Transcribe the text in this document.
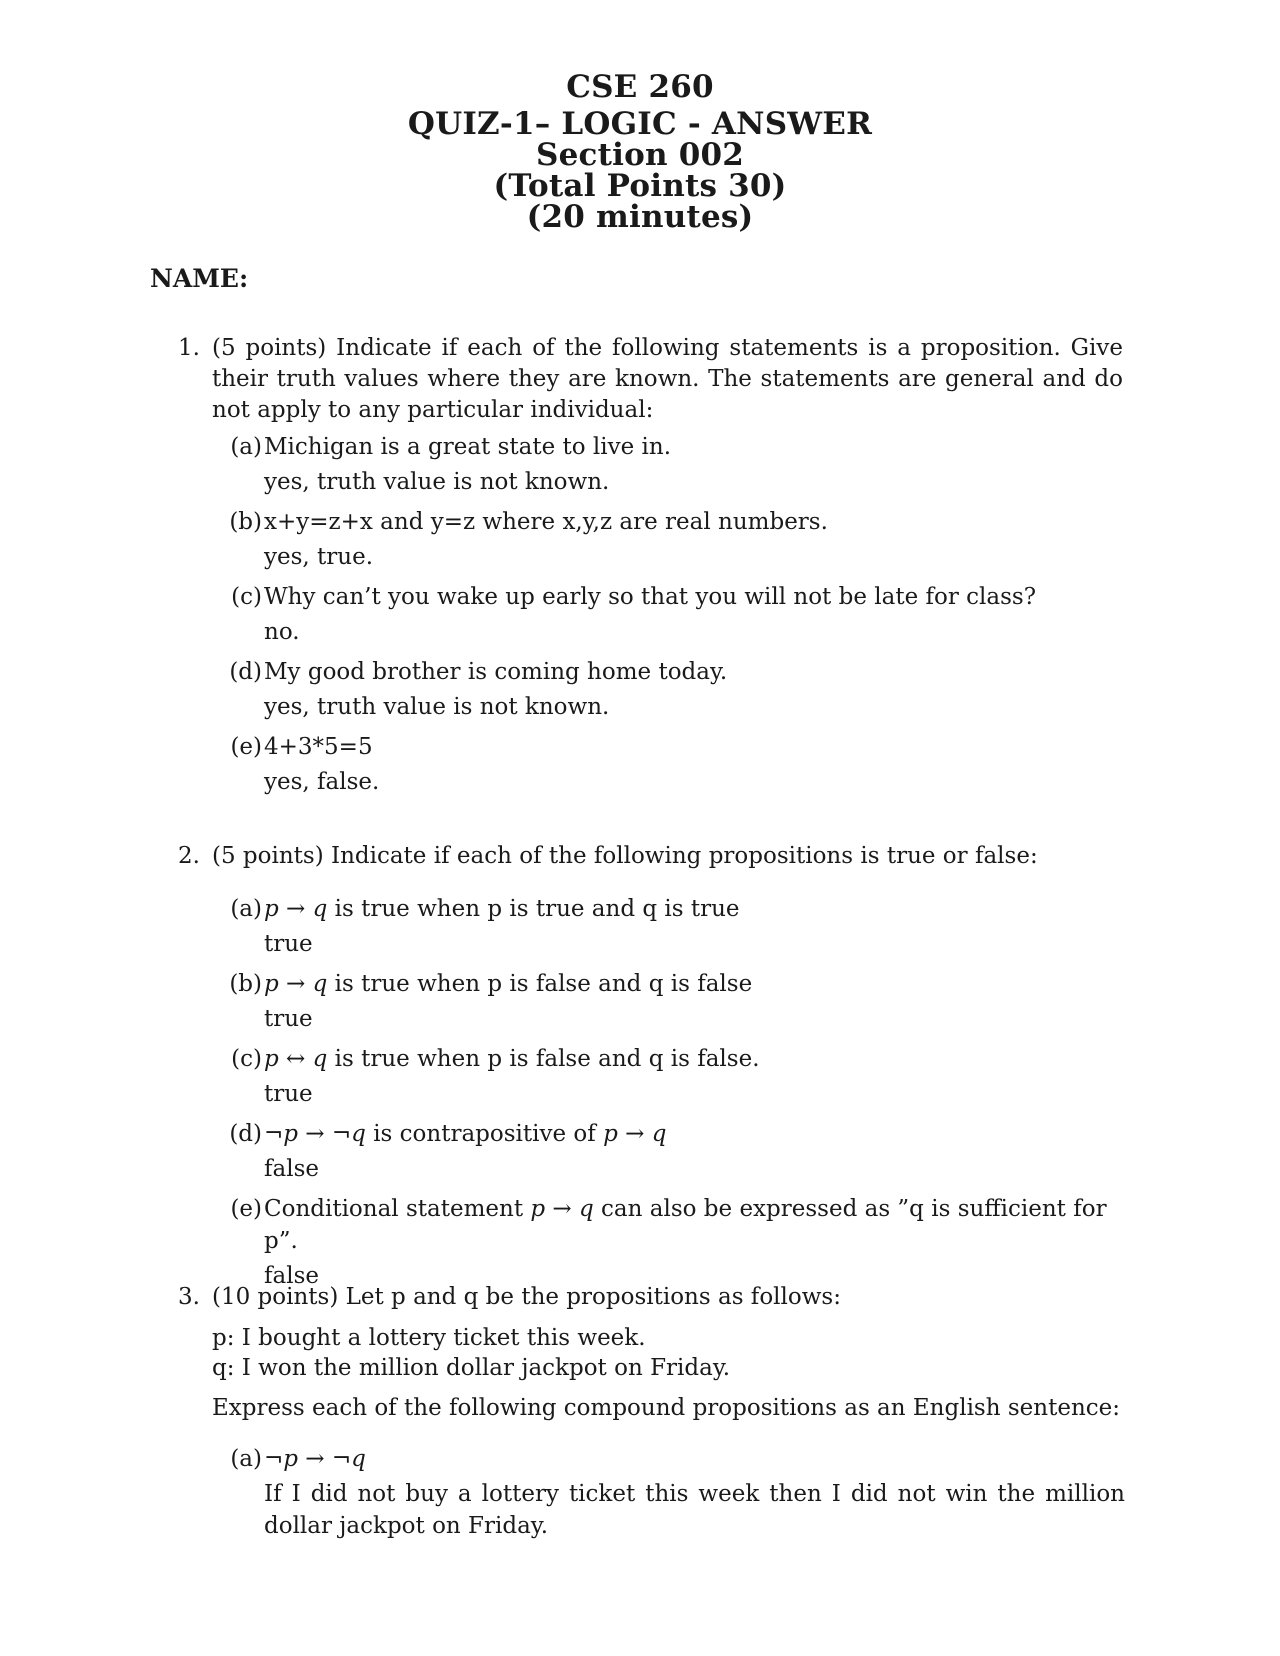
CSE 260
QUIZ-1– LOGIC - ANSWER
Section 002
(Total Points 30)
(20 minutes)
NAME:
1. (5 points) Indicate if each of the following statements is a proposition. Give their truth values where they are known. The statements are general and do not apply to any particular individual:
(a) Michigan is a great state to live in.
yes, truth value is not known.
(b) x+y=z+x and y=z where x,y,z are real numbers.
yes, true.
(c) Why can’t you wake up early so that you will not be late for class?
no.
(d) My good brother is coming home today.
yes, truth value is not known.
(e) 4+3*5=5
yes, false.
2. (5 points) Indicate if each of the following propositions is true or false:
(a) p → q is true when p is true and q is true
true
(b) p → q is true when p is false and q is false
true
(c) p ↔ q is true when p is false and q is false.
true
(d) ¬p → ¬q is contrapositive of p → q
false
(e) Conditional statement p → q can also be expressed as ”q is sufficient for p”.
false
3. (10 points) Let p and q be the propositions as follows:
p: I bought a lottery ticket this week.
q: I won the million dollar jackpot on Friday.
Express each of the following compound propositions as an English sentence:
(a) ¬p → ¬q
If I did not buy a lottery ticket this week then I did not win the million dollar jackpot on Friday.
